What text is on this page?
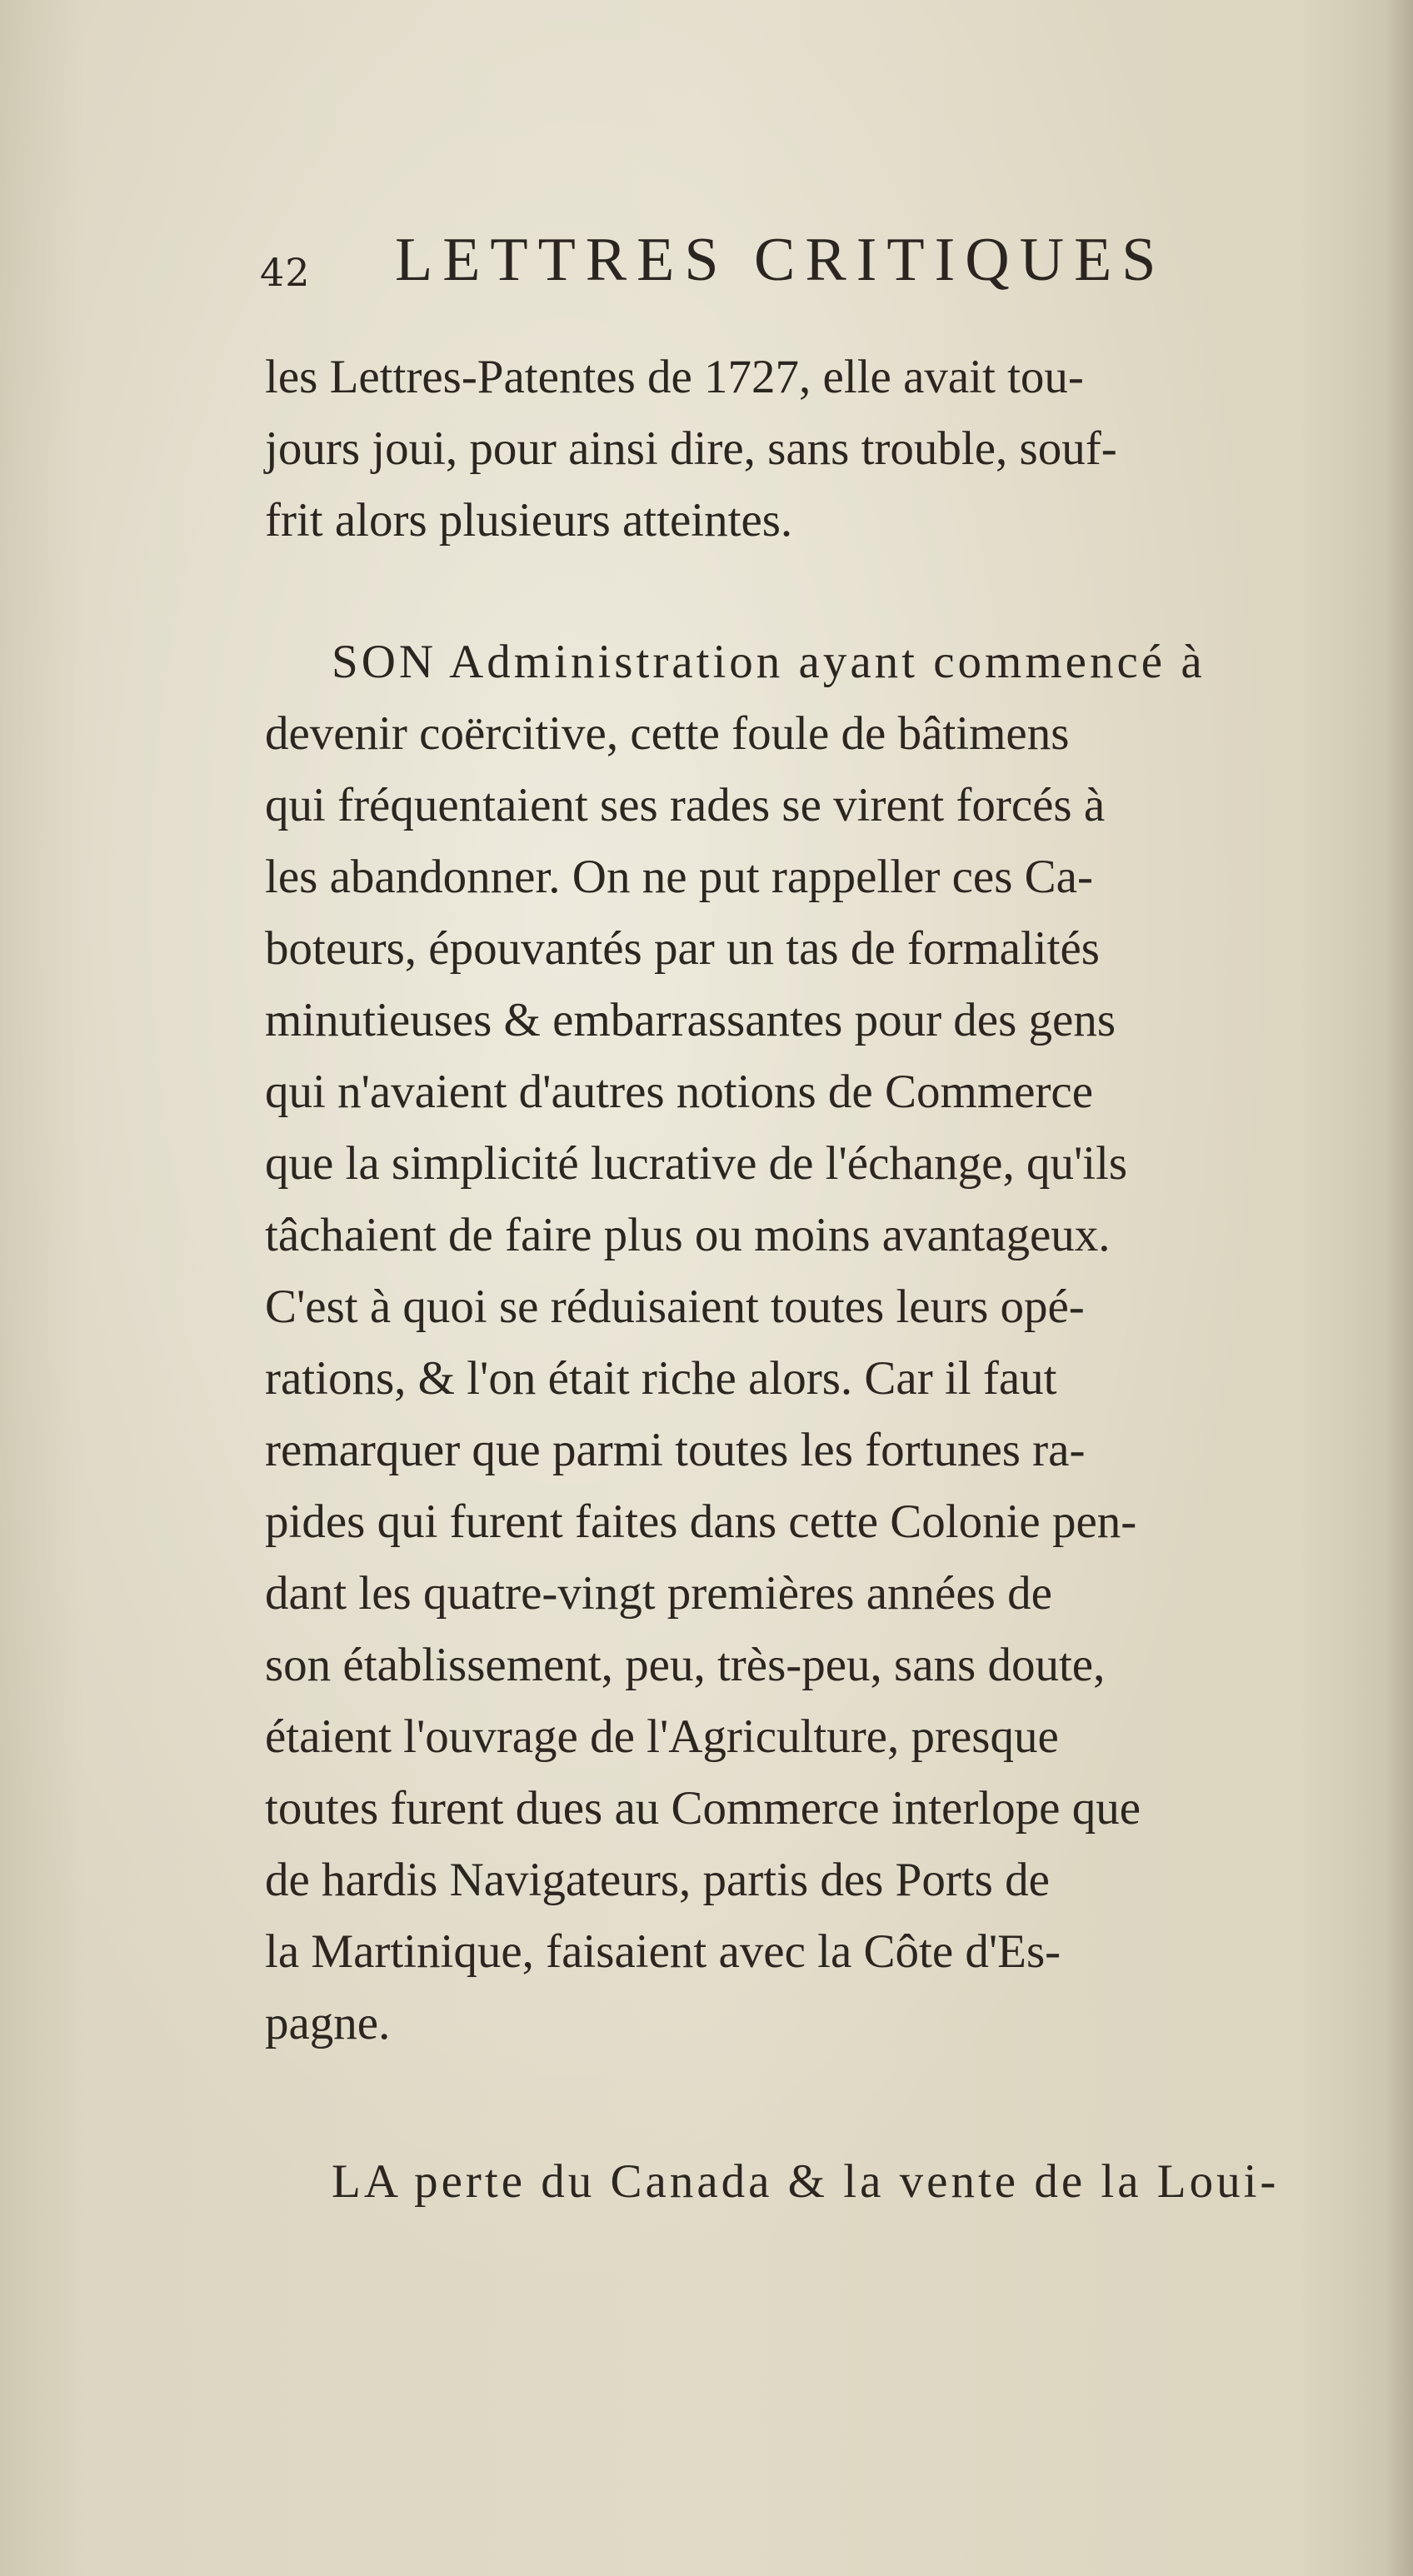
42 LETTRES CRITIQUES
les Lettres-Patentes de 1727, elle avait tou-
jours joui, pour ainsi dire, sans trouble, souf-
frit alors plusieurs atteintes.
SON Administration ayant commencé à
devenir coërcitive, cette foule de bâtimens
qui fréquentaient ses rades se virent forcés à
les abandonner. On ne put rappeller ces Ca-
boteurs, épouvantés par un tas de formalités
minutieuses & embarrassantes pour des gens
qui n'avaient d'autres notions de Commerce
que la simplicité lucrative de l'échange, qu'ils
tâchaient de faire plus ou moins avantageux.
C'est à quoi se réduisaient toutes leurs opé-
rations, & l'on était riche alors. Car il faut
remarquer que parmi toutes les fortunes ra-
pides qui furent faites dans cette Colonie pen-
dant les quatre-vingt premières années de
son établissement, peu, très-peu, sans doute,
étaient l'ouvrage de l'Agriculture, presque
toutes furent dues au Commerce interlope que
de hardis Navigateurs, partis des Ports de
la Martinique, faisaient avec la Côte d'Es-
pagne.
LA perte du Canada & la vente de la Loui-
